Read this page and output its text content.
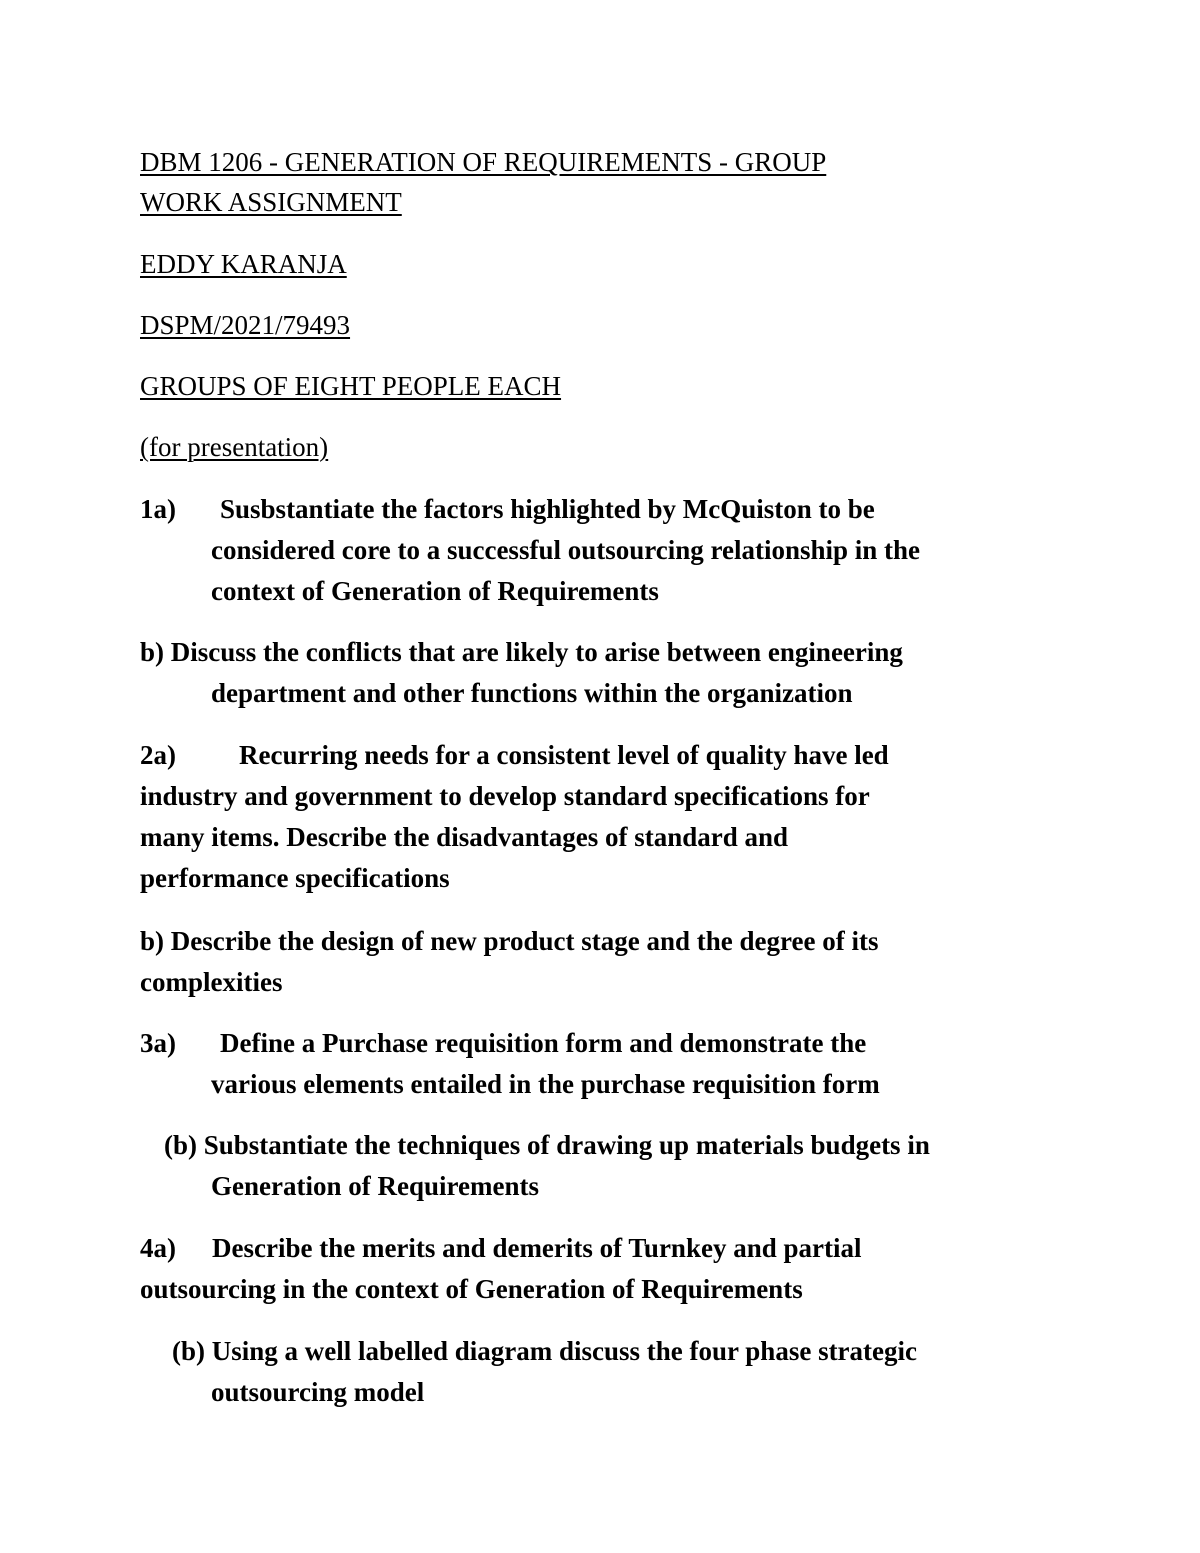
DBM 1206 - GENERATION OF REQUIREMENTS - GROUP

WORK ASSIGNMENT

EDDY KARANJA

DSPM/2021/79493

GROUPS OF EIGHT PEOPLE EACH

(for presentation)

1a) Susbstantiate the factors highlighted by McQuiston to be

considered core to a successful outsourcing relationship in the

context of Generation of Requirements

b) Discuss the conflicts that are likely to arise between engineering

department and other functions within the organization

2a) Recurring needs for a consistent level of quality have led

industry and government to develop standard specifications for

many items. Describe the disadvantages of standard and

performance specifications

b) Describe the design of new product stage and the degree of its

complexities

3a) Define a Purchase requisition form and demonstrate the

various elements entailed in the purchase requisition form

(b) Substantiate the techniques of drawing up materials budgets in

Generation of Requirements

4a) Describe the merits and demerits of Turnkey and partial

outsourcing in the context of Generation of Requirements

(b) Using a well labelled diagram discuss the four phase strategic

outsourcing model
